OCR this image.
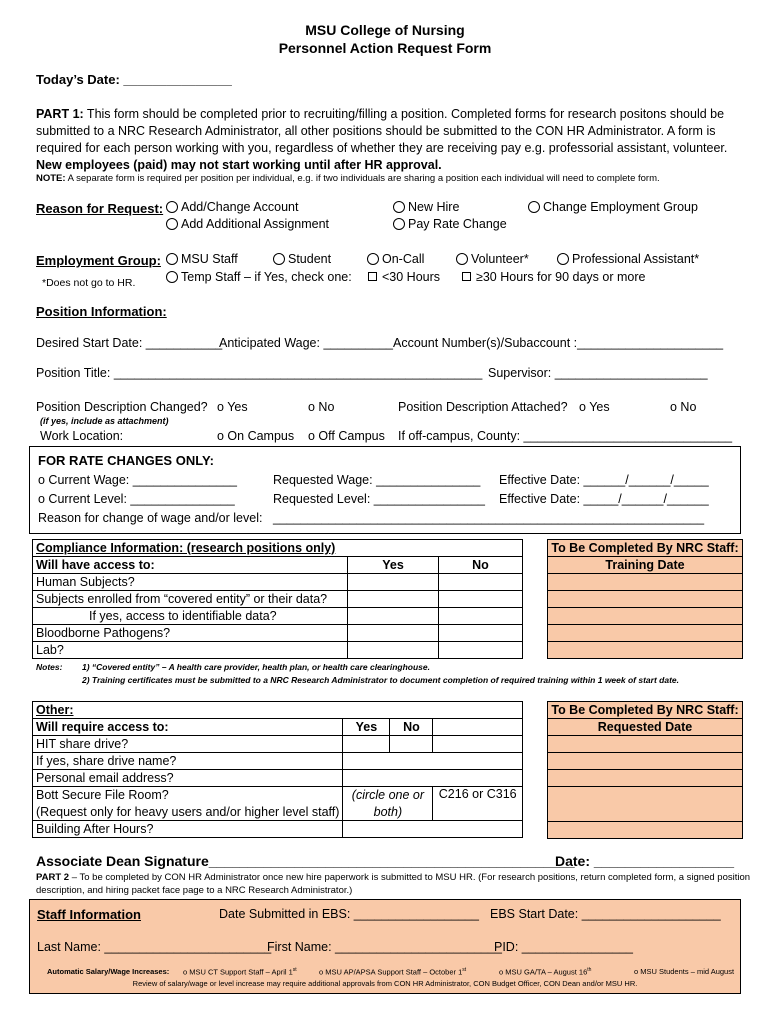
MSU College of Nursing
Personnel Action Request Form
Today’s Date: _______________
PART 1: This form should be completed prior to recruiting/filling a position. Completed forms for research positons should be
submitted to a NRC Research Administrator, all other positions should be submitted to the CON HR Administrator. A form is
required for each person working with you, regardless of whether they are receiving pay e.g. professorial assistant, volunteer.
New employees (paid) may not start working until after HR approval.
NOTE: A separate form is required per position per individual, e.g. if two individuals are sharing a position each individual will need to complete form.
Reason for Request:	Add/Change Account
Add Additional Assignment
New Hire
Pay Rate Change
Change Employment Group
Employment Group:
*Does not go to HR.
MSU Staff	Student	On-Call	Volunteer*	Professional Assistant*
Temp Staff – if Yes, check one:	<30 Hours	≥30 Hours for 90 days or more
Position Information:
Desired Start Date: ___________
Anticipated Wage: __________ Account Number(s)/Subaccount :_____________________
Position Title: _____________________________________________________ Supervisor: ______________________
Position Description Changed? o Yes	o No	Position Description Attached? o Yes	o No
(if yes, include as attachment)
Work Location:	o On Campus o Off Campus If off-campus, County: ______________________________
FOR RATE CHANGES ONLY:
o Current Wage: _______________	Requested Wage: _______________ Effective Date: ______/______/_____
o Current Level: _______________	Requested Level: ________________ Effective Date: _____/______/______
Reason for change of wage and/or level: ______________________________________________________________
Compliance Information: (research positions only)		
Will have access to:	Yes	No
Human Subjects?		
Subjects enrolled from “covered entity” or their data?		
If yes, access to identifiable data?		
Bloodborne Pathogens?		
Lab?		
To Be Completed By NRC Staff:
Training Date

Notes: 1) “Covered entity” – A health care provider, health plan, or health care clearinghouse.
2) Training certificates must be submitted to a NRC Research Administrator to document completion of required training within 1 week of start date.
Other:			
Will require access to:	Yes	No	
HIT share drive?			
If yes, share drive name?			
Personal email address?			
Bott Secure File Room?	(circle one or		C216 or C316
(Request only for heavy users and/or higher level staff)	both)		
Building After Hours?			
To Be Completed By NRC Staff:
Requested Date

Associate Dean Signature_______________________________________________
Date: __________________
PART 2 – To be completed by CON HR Administrator once new hire paperwork is submitted to MSU HR. (For research positions, return completed form, a signed position
description, and hiring packet face page to a NRC Research Administrator.)
Staff Information	Date Submitted in EBS: __________________ EBS Start Date: ____________________
Last Name: ________________________
First Name: ________________________
PID: ________________
Automatic Salary/Wage Increases: o MSU CT Support Staff – April 1st	o MSU AP/APSA Support Staff – October 1st	o MSU GA/TA – August 16th	o MSU Students – mid August
Review of salary/wage or level increase may require additional approvals from CON HR Administrator, CON Budget Officer, CON Dean and/or MSU HR.
